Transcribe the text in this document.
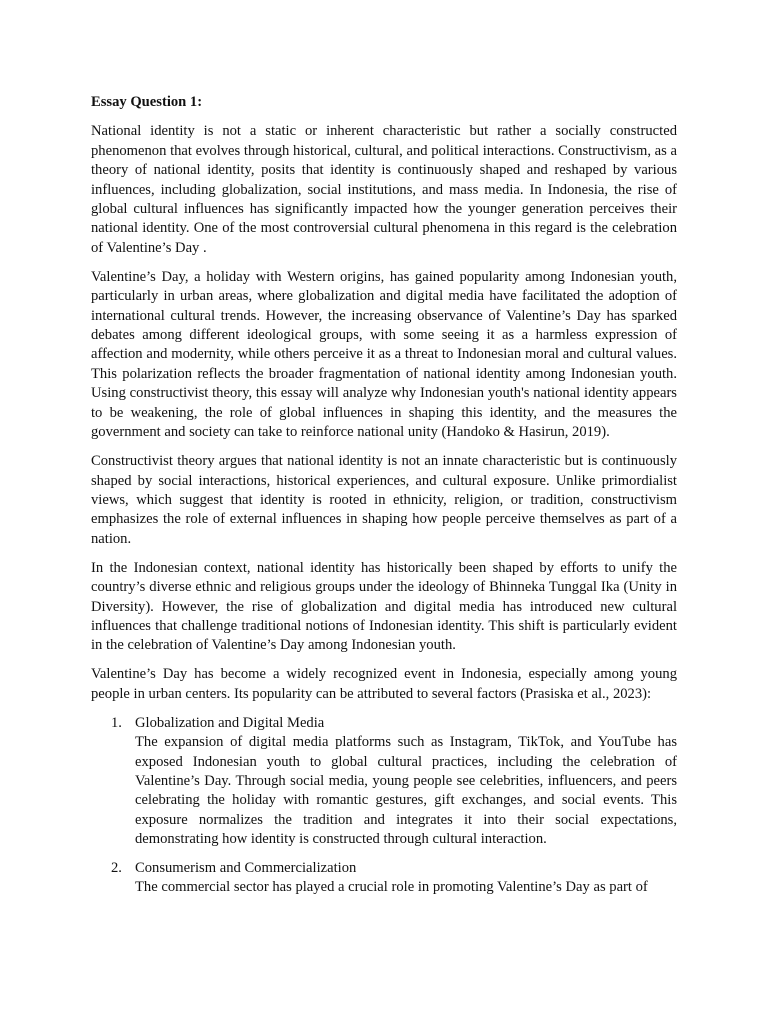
Essay Question 1:

National identity is not a static or inherent characteristic but rather a socially constructed phenomenon that evolves through historical, cultural, and political interactions. Constructivism, as a theory of national identity, posits that identity is continuously shaped and reshaped by various influences, including globalization, social institutions, and mass media. In Indonesia, the rise of global cultural influences has significantly impacted how the younger generation perceives their national identity. One of the most controversial cultural phenomena in this regard is the celebration of Valentine’s Day .

Valentine’s Day, a holiday with Western origins, has gained popularity among Indonesian youth, particularly in urban areas, where globalization and digital media have facilitated the adoption of international cultural trends. However, the increasing observance of Valentine’s Day has sparked debates among different ideological groups, with some seeing it as a harmless expression of affection and modernity, while others perceive it as a threat to Indonesian moral and cultural values. This polarization reflects the broader fragmentation of national identity among Indonesian youth. Using constructivist theory, this essay will analyze why Indonesian youth's national identity appears to be weakening, the role of global influences in shaping this identity, and the measures the government and society can take to reinforce national unity (Handoko & Hasirun, 2019).

Constructivist theory argues that national identity is not an innate characteristic but is continuously shaped by social interactions, historical experiences, and cultural exposure. Unlike primordialist views, which suggest that identity is rooted in ethnicity, religion, or tradition, constructivism emphasizes the role of external influences in shaping how people perceive themselves as part of a nation.

In the Indonesian context, national identity has historically been shaped by efforts to unify the country’s diverse ethnic and religious groups under the ideology of Bhinneka Tunggal Ika (Unity in Diversity). However, the rise of globalization and digital media has introduced new cultural influences that challenge traditional notions of Indonesian identity. This shift is particularly evident in the celebration of Valentine’s Day among Indonesian youth.

Valentine’s Day has become a widely recognized event in Indonesia, especially among young people in urban centers. Its popularity can be attributed to several factors (Prasiska et al., 2023):

1. Globalization and Digital Media
The expansion of digital media platforms such as Instagram, TikTok, and YouTube has exposed Indonesian youth to global cultural practices, including the celebration of Valentine’s Day. Through social media, young people see celebrities, influencers, and peers celebrating the holiday with romantic gestures, gift exchanges, and social events. This exposure normalizes the tradition and integrates it into their social expectations, demonstrating how identity is constructed through cultural interaction.
2. Consumerism and Commercialization
The commercial sector has played a crucial role in promoting Valentine’s Day as part of
